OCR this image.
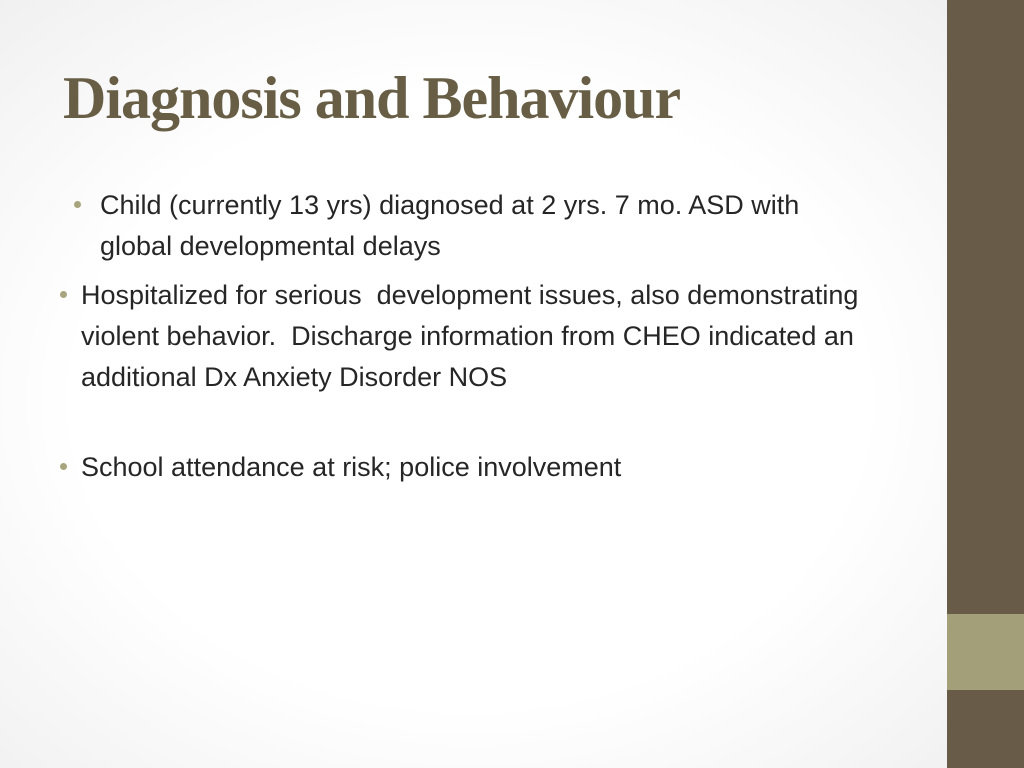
Diagnosis and Behaviour
Child (currently 13 yrs) diagnosed at 2 yrs. 7 mo. ASD with global developmental delays
Hospitalized for serious  development issues, also demonstrating violent behavior.  Discharge information from CHEO indicated an additional Dx Anxiety Disorder NOS
School attendance at risk; police involvement
